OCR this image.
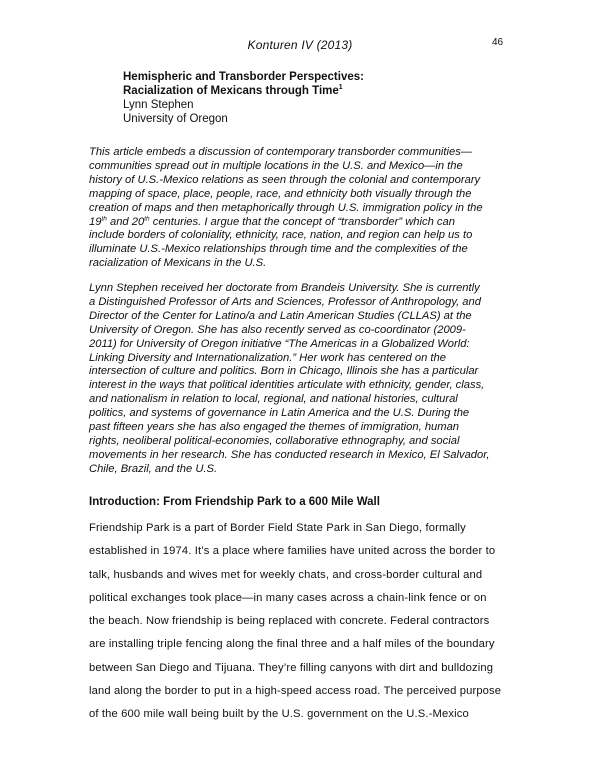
Konturen IV (2013)	46
Hemispheric and Transborder Perspectives:
Racialization of Mexicans through Time$^1$
Lynn Stephen
University of Oregon
This article embeds a discussion of contemporary transborder communities—
communities spread out in multiple locations in the U.S. and Mexico—in the
history of U.S.-Mexico relations as seen through the colonial and contemporary
mapping of space, place, people, race, and ethnicity both visually through the
creation of maps and then metaphorically through U.S. immigration policy in the
19th and 20th centuries. I argue that the concept of “transborder” which can
include borders of coloniality, ethnicity, race, nation, and region can help us to
illuminate U.S.-Mexico relationships through time and the complexities of the
racialization of Mexicans in the U.S.
Lynn Stephen received her doctorate from Brandeis University. She is currently
a Distinguished Professor of Arts and Sciences, Professor of Anthropology, and
Director of the Center for Latino/a and Latin American Studies (CLLAS) at the
University of Oregon. She has also recently served as co-coordinator (2009-
2011) for University of Oregon initiative “The Americas in a Globalized World:
Linking Diversity and Internationalization.” Her work has centered on the
intersection of culture and politics. Born in Chicago, Illinois she has a particular
interest in the ways that political identities articulate with ethnicity, gender, class,
and nationalism in relation to local, regional, and national histories, cultural
politics, and systems of governance in Latin America and the U.S. During the
past fifteen years she has also engaged the themes of immigration, human
rights, neoliberal political-economies, collaborative ethnography, and social
movements in her research. She has conducted research in Mexico, El Salvador,
Chile, Brazil, and the U.S.
Introduction: From Friendship Park to a 600 Mile Wall
Friendship Park is a part of Border Field State Park in San Diego, formally
established in 1974. It’s a place where families have united across the border to
talk, husbands and wives met for weekly chats, and cross-border cultural and
political exchanges took place—in many cases across a chain-link fence or on
the beach. Now friendship is being replaced with concrete. Federal contractors
are installing triple fencing along the final three and a half miles of the boundary
between San Diego and Tijuana. They’re filling canyons with dirt and bulldozing
land along the border to put in a high-speed access road. The perceived purpose
of the 600 mile wall being built by the U.S. government on the U.S.-Mexico
